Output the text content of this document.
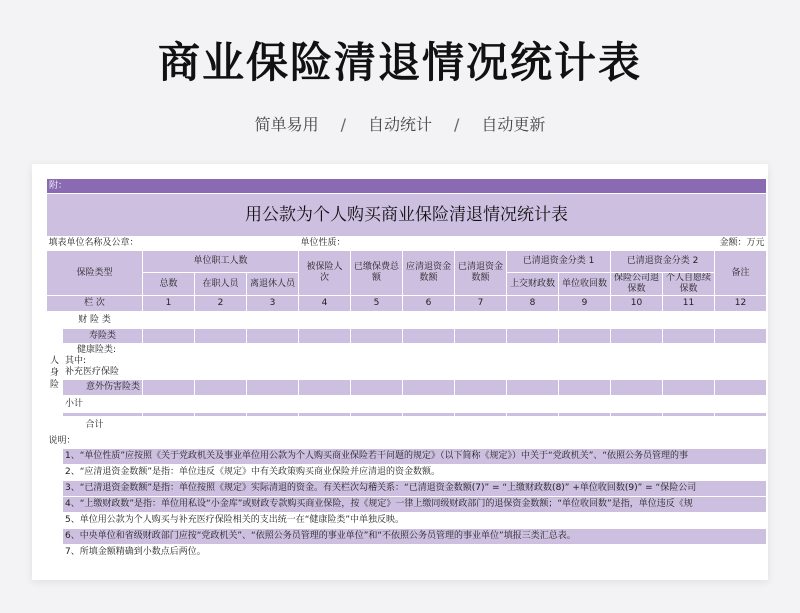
商业保险清退情况统计表
简单易用 / 自动统计 / 自动更新
附：													
用公款为个人购买商业保险清退情况统计表													
填表单位名称及公章：					单位性质：						金额：万元		
保险类型		单位职工人数			被保险人 次	已缴保费总额	应清退资金数额	已清退资金数额	已清退资金分类 1		已清退资金分类 2		备注
		总数	在职人员	离退休人员					上交财政数	单位收回数	保险公司退保数	个人自愿续保数	
栏 次		1	2	3	4	5	6	7	8	9	10	11	12
财 险 类													
人身险	寿险类												

	健康险类:
其中:
补充医疗保险												

	意外伤害险类												
	小计												

合计													
说明：													
	1、“单位性质”应按照《关于党政机关及事业单位用公款为个人购买商业保险若干问题的规定》（以下简称《规定》）中关于“党政机关”、“依照公务员管理的事												
	2、“应清退资金数额”是指：单位违反《规定》中有关政策购买商业保险并应清退的资金数额。												
	3、“已清退资金数额”是指：单位按照《规定》实际清退的资金。有关栏次勾稽关系：“已清退资金数额(7)” = “上缴财政数(8)” +单位收回数(9)” = “保险公司												
	4、“上缴财政数”是指：单位用私设“小金库”或财政专款购买商业保险，按《规定》一律上缴同级财政部门的退保资金数额；“单位收回数”是指，单位违反《规												
	5、单位用公款为个人购买与补充医疗保险相关的支出统一在“健康险类”中单独反映。												
	6、中央单位和省级财政部门应按“党政机关”、“依照公务员管理的事业单位”和“不依照公务员管理的事业单位”填报三类汇总表。												
	7、所填金额精确到小数点后两位。												
